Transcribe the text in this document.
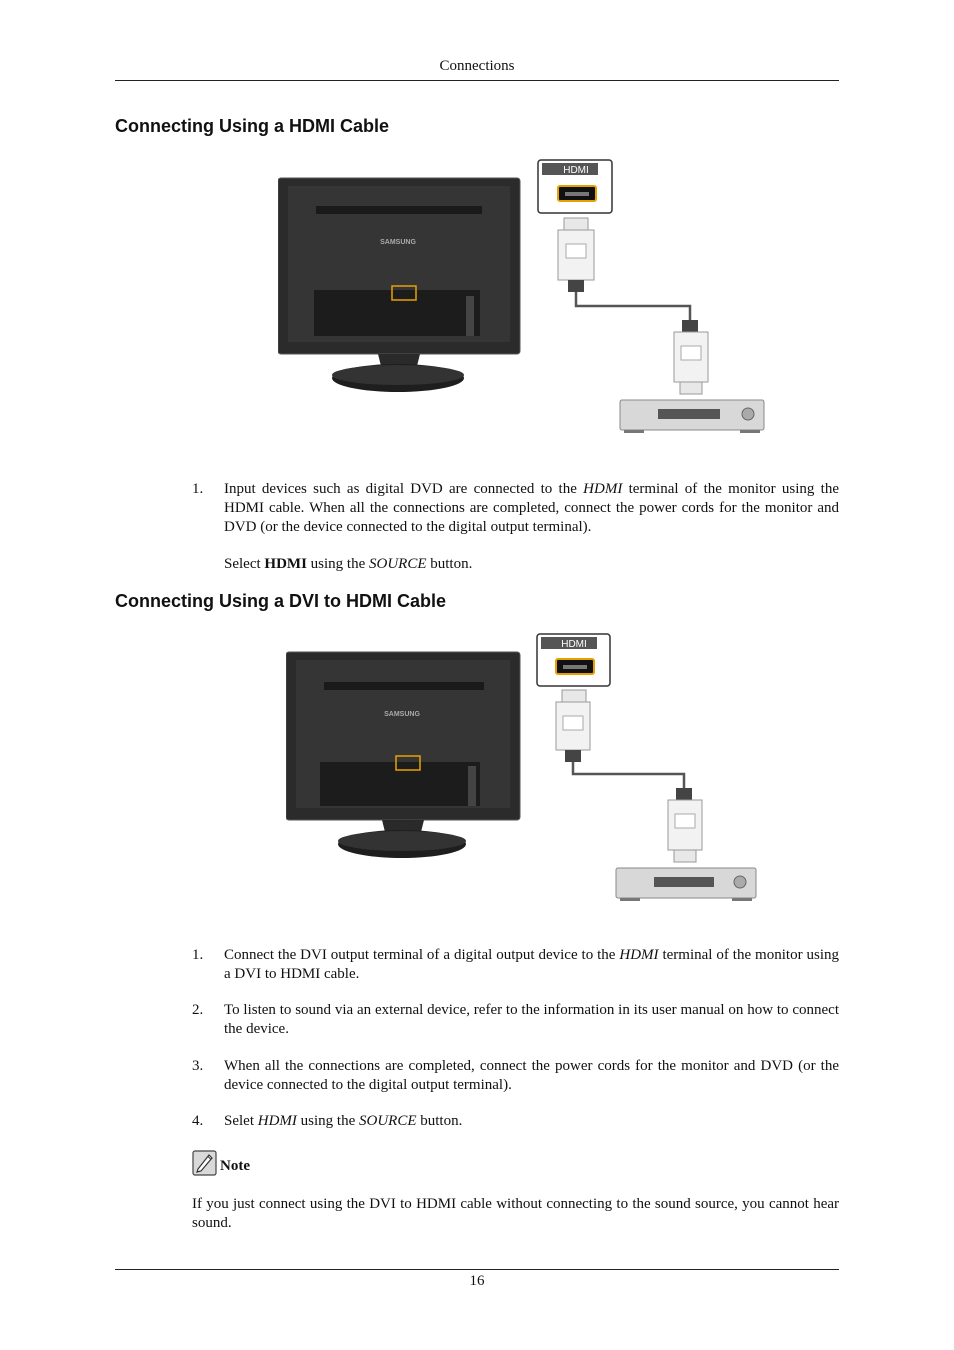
Connections
Connecting Using a HDMI Cable
SAMSUNG
HDMI
1. Input devices such as digital DVD are connected to the HDMI terminal of the monitor using the HDMI cable. When all the connections are completed, connect the power cords for the monitor and DVD (or the device connected to the digital output terminal).
Select HDMI using the SOURCE button.
Connecting Using a DVI to HDMI Cable
SAMSUNG
HDMI
1. Connect the DVI output terminal of a digital output device to the HDMI terminal of the monitor using a DVI to HDMI cable.
2. To listen to sound via an external device, refer to the information in its user manual on how to connect the device.
3. When all the connections are completed, connect the power cords for the monitor and DVD (or the device connected to the digital output terminal).
4. Selet HDMI using the SOURCE button.
Note
If you just connect using the DVI to HDMI cable without connecting to the sound source, you cannot hear sound.
16
